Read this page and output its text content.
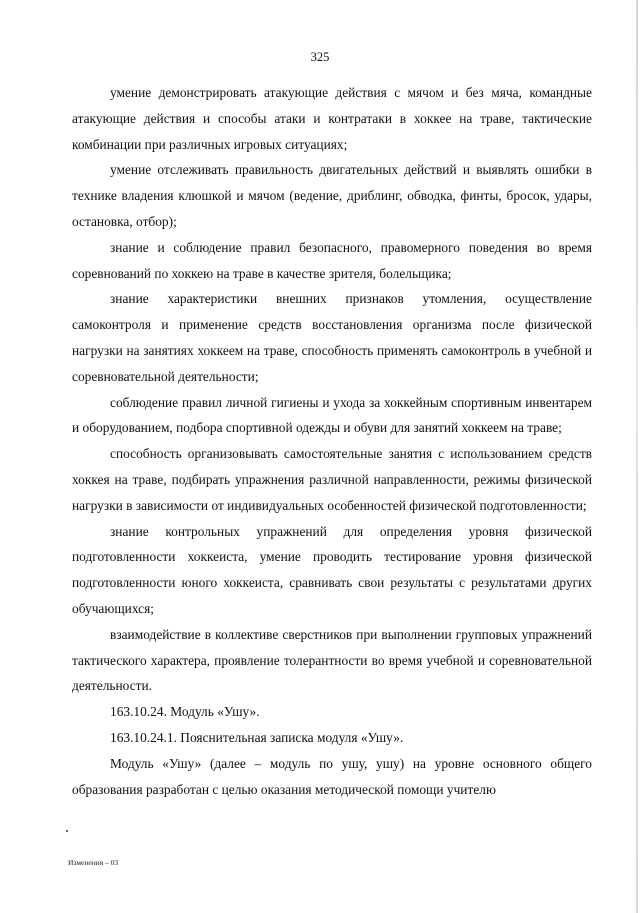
325

умение демонстрировать атакующие действия с мячом и без мяча, командные атакующие действия и способы атаки и контратаки в хоккее на траве, тактические комбинации при различных игровых ситуациях;

умение отслеживать правильность двигательных действий и выявлять ошибки в технике владения клюшкой и мячом (ведение, дриблинг, обводка, финты, бросок, удары, остановка, отбор);

знание и соблюдение правил безопасного, правомерного поведения во время соревнований по хоккею на траве в качестве зрителя, болельщика;

знание характеристики внешних признаков утомления, осуществление самоконтроля и применение средств восстановления организма после физической нагрузки на занятиях хоккеем на траве, способность применять самоконтроль в учебной и соревновательной деятельности;

соблюдение правил личной гигиены и ухода за хоккейным спортивным инвентарем и оборудованием, подбора спортивной одежды и обуви для занятий хоккеем на траве;

способность организовывать самостоятельные занятия с использованием средств хоккея на траве, подбирать упражнения различной направленности, режимы физической нагрузки в зависимости от индивидуальных особенностей физической подготовленности;

знание контрольных упражнений для определения уровня физической подготовленности хоккеиста, умение проводить тестирование уровня физической подготовленности юного хоккеиста, сравнивать свои результаты с результатами других обучающихся;

взаимодействие в коллективе сверстников при выполнении групповых упражнений тактического характера, проявление толерантности во время учебной и соревновательной деятельности.

163.10.24. Модуль «Ушу».

163.10.24.1. Пояснительная записка модуля «Ушу».

Модуль «Ушу» (далее – модуль по ушу, ушу) на уровне основного общего образования разработан с целью оказания методической помощи учителю

Изменения – 03
